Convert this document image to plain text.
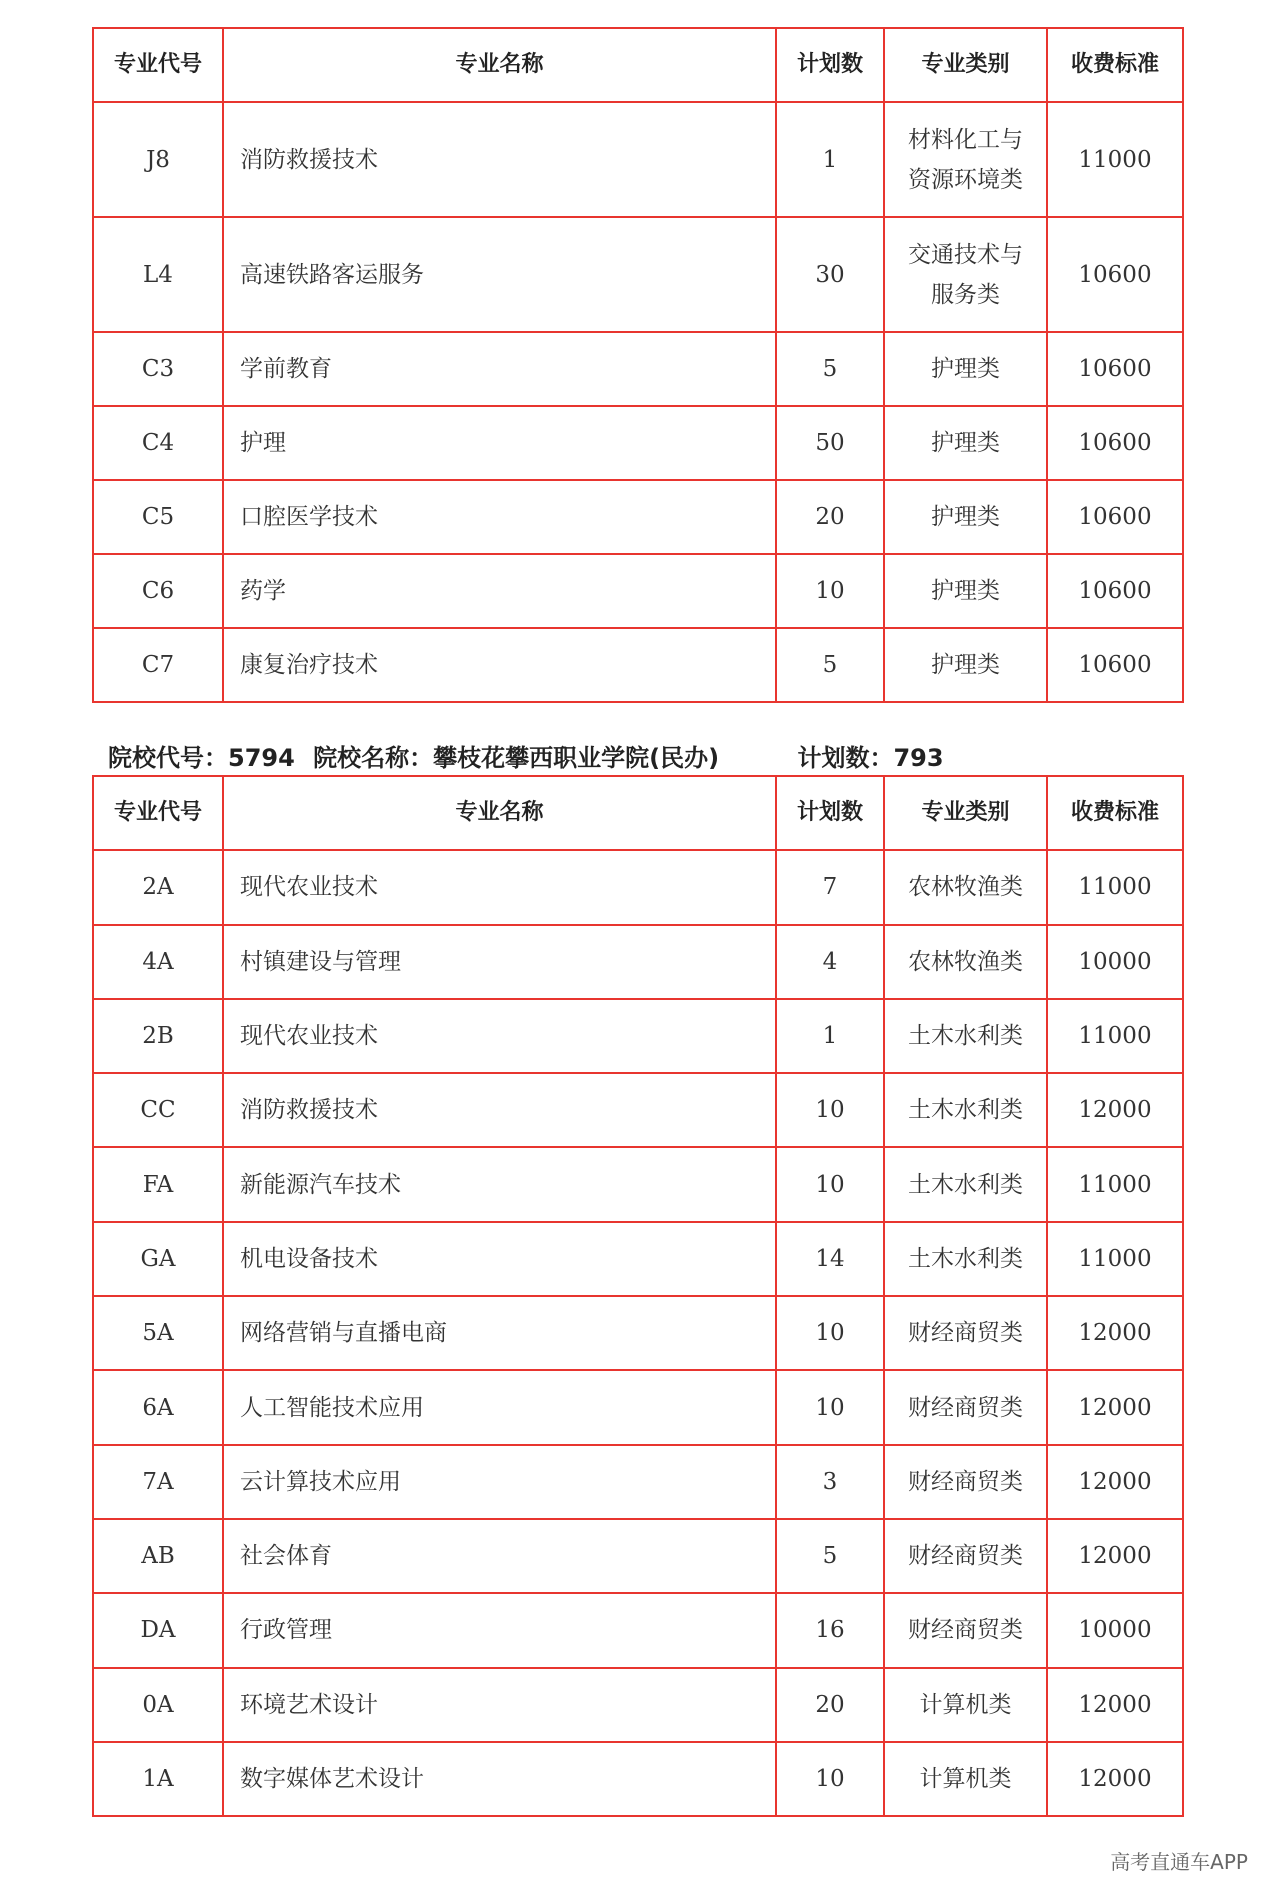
专业代号	专业名称	计划数	专业类别	收费标准
J8	消防救援技术	1	材料化工与资源环境类	11000
L4	高速铁路客运服务	30	交通技术与服务类	10600
C3	学前教育	5	护理类	10600
C4	护理	50	护理类	10600
C5	口腔医学技术	20	护理类	10600
C6	药学	10	护理类	10600
C7	康复治疗技术	5	护理类	10600
院校代号：5794 院校名称：攀枝花攀西职业学院(民办)	计划数：793
专业代号	专业名称	计划数	专业类别	收费标准
2A	现代农业技术	7	农林牧渔类	11000
4A	村镇建设与管理	4	农林牧渔类	10000
2B	现代农业技术	1	土木水利类	11000
CC	消防救援技术	10	土木水利类	12000
FA	新能源汽车技术	10	土木水利类	11000
GA	机电设备技术	14	土木水利类	11000
5A	网络营销与直播电商	10	财经商贸类	12000
6A	人工智能技术应用	10	财经商贸类	12000
7A	云计算技术应用	3	财经商贸类	12000
AB	社会体育	5	财经商贸类	12000
DA	行政管理	16	财经商贸类	10000
0A	环境艺术设计	20	计算机类	12000
1A	数字媒体艺术设计	10	计算机类	12000
高考直通车APP
